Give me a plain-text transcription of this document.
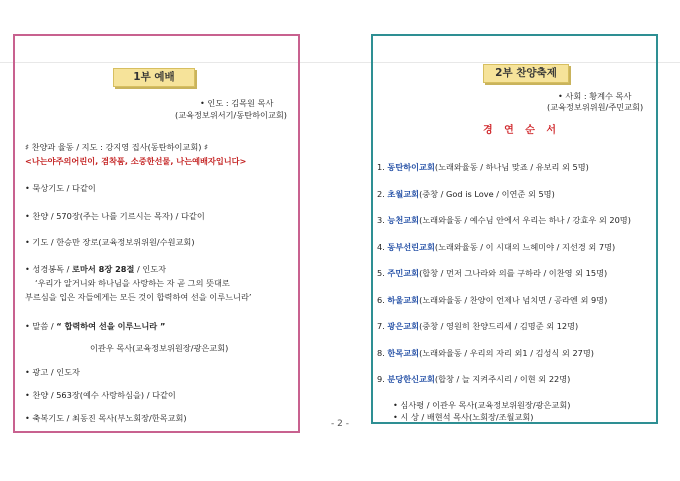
1부 예배
• 인도 : 김목원 목사
(교육정보위서기/동탄하이교회)
♯ 찬양과 율동 / 지도 : 강지영 집사(동탄하이교회) ♯
<나는야주의어린이, 겸착품, 소중한선물, 나는예배자입니다>
• 묵상기도 / 다같이
• 찬양 / 570장(주는 나를 기르시는 목자) / 다같이
• 기도 / 한승만 장로(교육정보위위원/수원교회)
• 성경봉독 / 로마서 8장 28절 / 인도자
‘우리가 알거니와 하나님을 사랑하는 자 곧 그의 뜻대로
부르심을 입은 자들에게는 모든 것이 합력하여 선을 이루느니라’
• 말씀 / “ 합력하여 선을 이루느니라 ”
이관우 목사(교육정보위원장/광은교회)
• 광고 / 인도자
• 찬양 / 563장(예수 사랑하심을) / 다같이
• 축복기도 / 최동진 목사(부노회장/한목교회)
2부 찬양축제
• 사회 : 황계수 목사
(교육정보위위원/주민교회)
경 연 순 서
1. 동탄하이교회(노래와율동 / 하나님 맞죠 / 유보리 외 5명)
2. 초월교회(중창 / God is Love / 이연준 외 5명)
3. 능천교회(노래와율동 / 예수님 안에서 우리는 하나 / 강효우 외 20명)
4. 동부선린교회(노래와율동 / 이 시대의 느헤미야 / 지선경 외 7명)
5. 주민교회(합창 / 먼저 그나라와 의를 구하라 / 이찬영 외 15명)
6. 하울교회(노래와율동 / 찬양이 언제나 넘치면 / 공라엔 외 9명)
7. 광은교회(중창 / 영원히 찬양드리세 / 김명준 외 12명)
8. 한목교회(노래와율동 / 우리의 자리 외1 / 김성식 외 27명)
9. 분당한신교회(합창 / 늘 지켜주시리 / 이현 외 22명)
• 심사평 / 이관우 목사(교육정보위원장/광은교회)
• 시 상 / 배현석 목사(노회장/조월교회)
- 2 -
